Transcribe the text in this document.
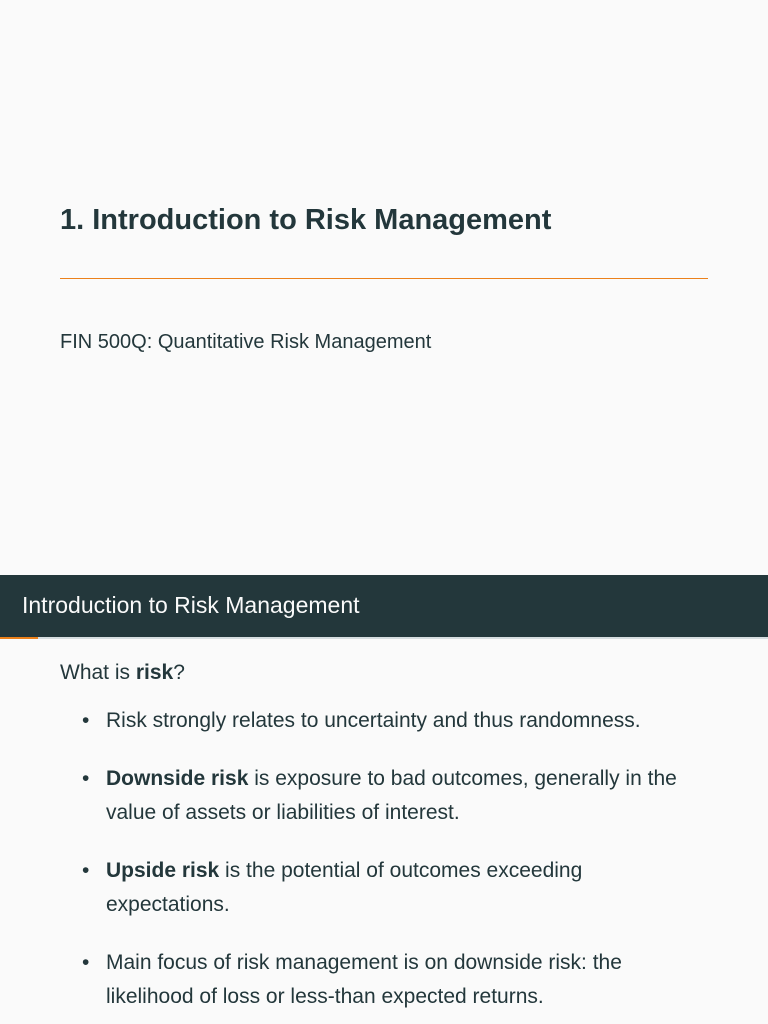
1. Introduction to Risk Management
FIN 500Q: Quantitative Risk Management
Introduction to Risk Management

What is risk?

• Risk strongly relates to uncertainty and thus randomness.
• Downside risk is exposure to bad outcomes, generally in the value of assets or liabilities of interest.
• Upside risk is the potential of outcomes exceeding expectations.
• Main focus of risk management is on downside risk: the likelihood of loss or less-than expected returns.
